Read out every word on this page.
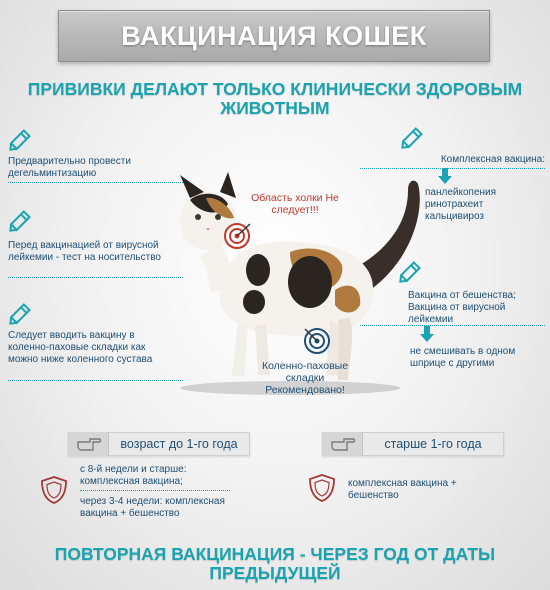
ВАКЦИНАЦИЯ КОШЕК
ПРИВИВКИ ДЕЛАЮТ ТОЛЬКО КЛИНИЧЕСКИ ЗДОРОВЫМ ЖИВОТНЫМ
Предварительно провести дегельминтизацию
Перед вакцинацией от вирусной лейкемии - тест на носительство
Следует вводить вакцину в коленно-паховые складки как можно ниже коленного сустава
Комплексная вакцина:
панлейкопения ринотрахеит кальцивироз
Вакцина от бешенства; Вакцина от вирусной лейкемии
не смешивать в одном шприце с другими
Область холки Не следует!!!
Коленно-паховые складки Рекомендовано!
возраст до 1-го года	старше 1-го года
с 8-й недели и старше: комплексная вакцина;
через 3-4 недели: комплексная вакцина + бешенство
комплексная вакцина + бешенство
ПОВТОРНАЯ ВАКЦИНАЦИЯ - ЧЕРЕЗ ГОД ОТ ДАТЫ ПРЕДЫДУЩЕЙ
